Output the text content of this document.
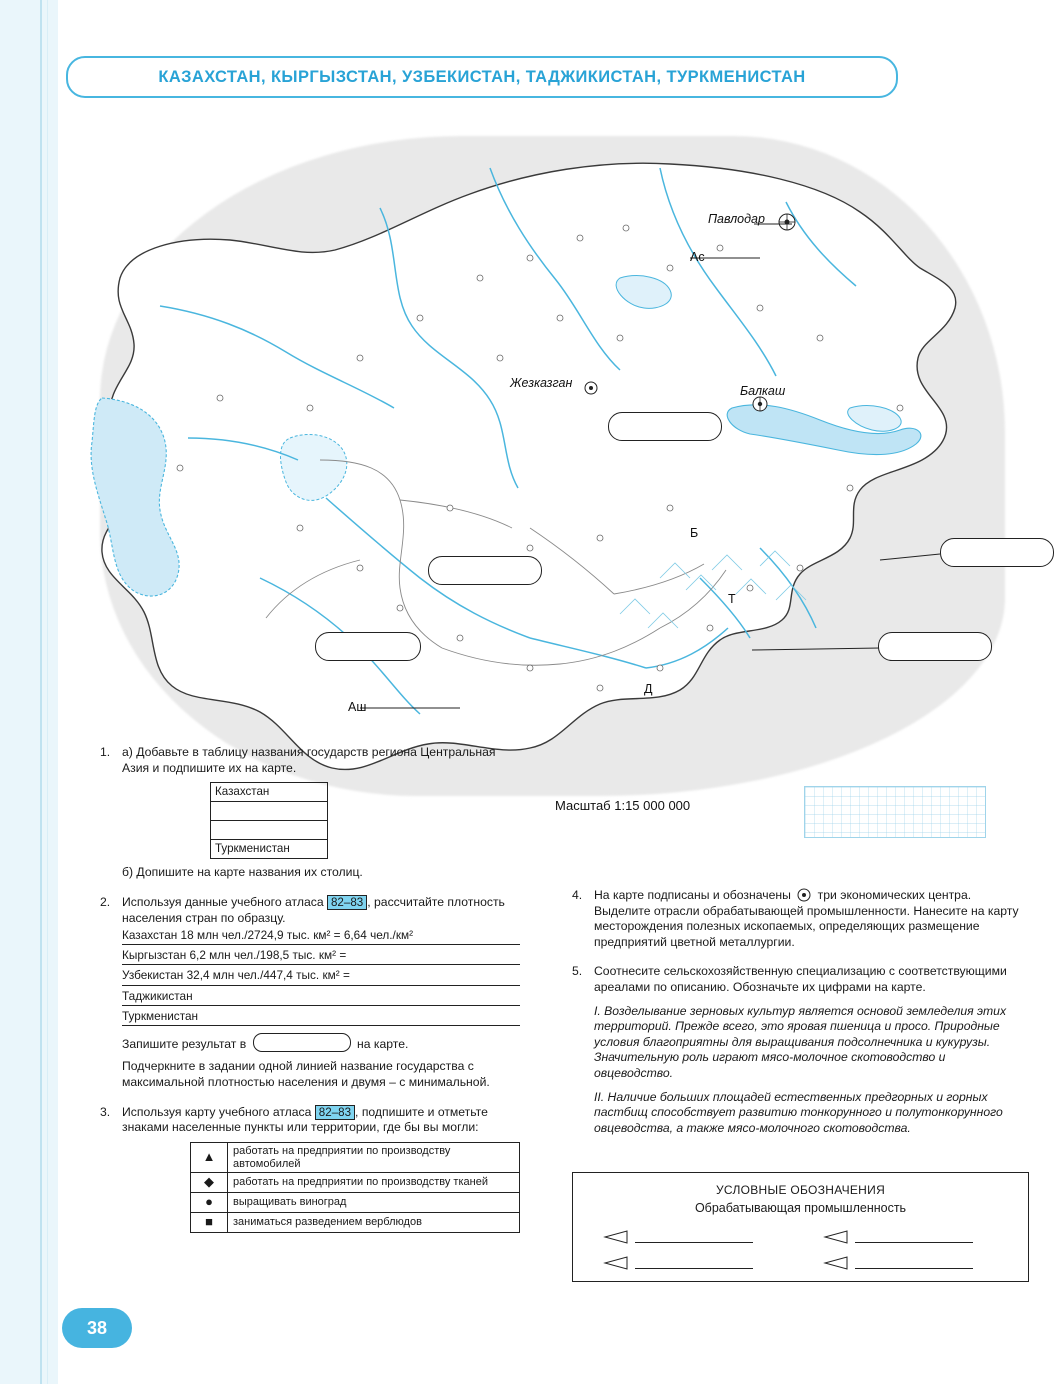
КАЗАХСТАН, КЫРГЫЗСТАН, УЗБЕКИСТАН, ТАДЖИКИСТАН, ТУРКМЕНИСТАН
Павлодар
Жезказган
Балкаш
Ас
Б
Т
Д
Аш
Масштаб 1:15 000 000
1. а) Добавьте в таблицу названия государств региона Центральная Азия и подпишите их на карте.
Казахстан

Туркменистан
б) Допишите на карте названия их столиц.
2. Используя данные учебного атласа 82–83 , рассчитайте плотность населения стран по образцу.
Казахстан 18 млн чел./2724,9 тыс. км² = 6,64 чел./км²
Кыргызстан 6,2 млн чел./198,5 тыс. км² =
Узбекистан 32,4 млн чел./447,4 тыс. км² =
Таджикистан
Туркменистан
Запишите результат в	на карте.
Подчеркните в задании одной линией название государства с максимальной плотностью населения и двумя – с минимальной.
3. Используя карту учебного атласа 82–83 , подпишите и отметьте знаками населенные пункты или территории, где бы вы могли:
▲	работать на предприятии по производству автомобилей
◆	работать на предприятии по производству тканей
●	выращивать виноград
■	заниматься разведением верблюдов
4. На карте подписаны и обозначены три экономических центра. Выделите отрасли обрабатывающей промышленности. Нанесите на карту месторождения полезных ископаемых, определяющих размещение предприятий цветной металлургии.
5. Соотнесите сельскохозяйственную специализацию с соответствующими ареалами по описанию. Обозначьте их цифрами на карте.
I. Возделывание зерновых культур является основой земледелия этих территорий. Прежде всего, это яровая пшеница и просо. Природные условия благоприятны для выращивания подсолнечника и кукурузы. Значительную роль играют мясо-молочное скотоводство и овцеводство.
II. Наличие больших площадей естественных предгорных и горных пастбищ способствует развитию тонкорунного и полутонкорунного овцеводства, а также мясо-молочного скотоводства.
УСЛОВНЫЕ ОБОЗНАЧЕНИЯ
Обрабатывающая промышленность
38
